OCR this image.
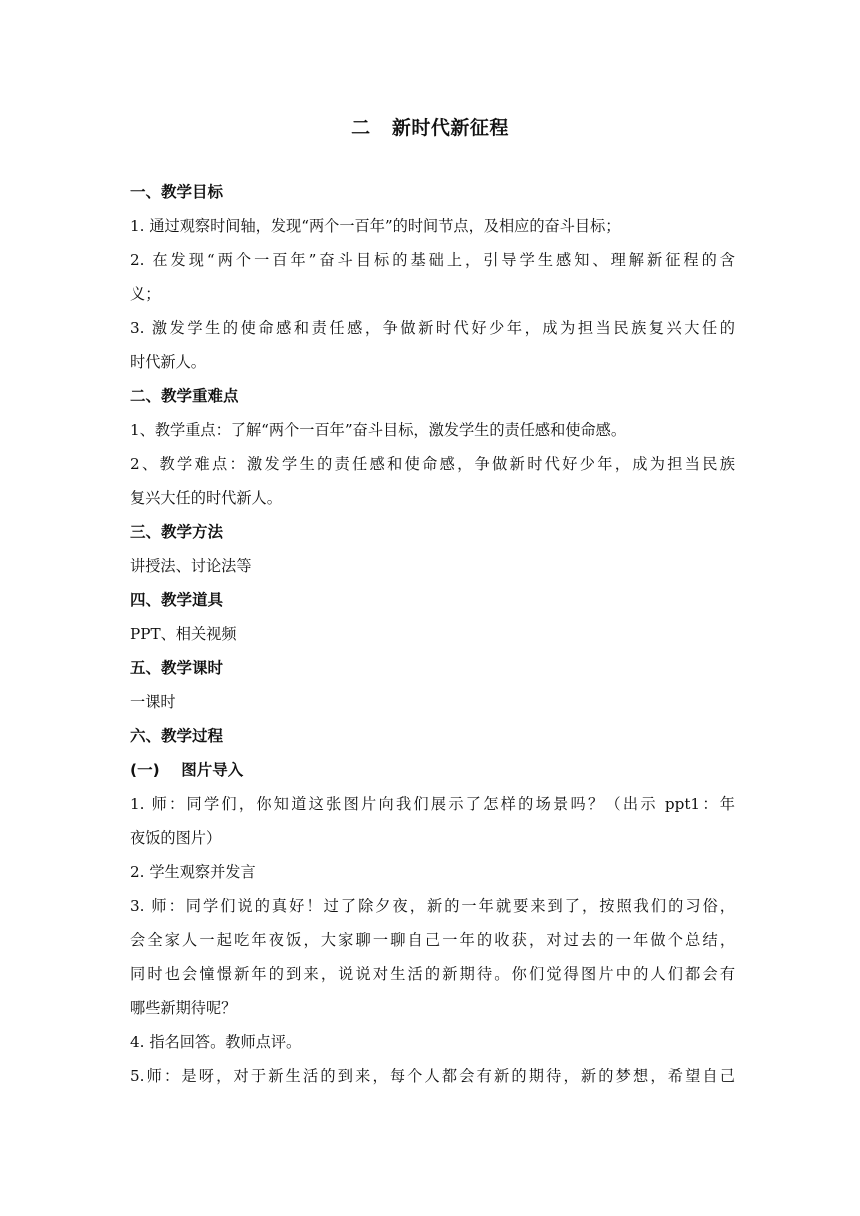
二   新时代新征程
一、教学目标
1. 通过观察时间轴，发现“两个一百年”的时间节点，及相应的奋斗目标；
2. 在发现“两个一百年”奋斗目标的基础上，引导学生感知、理解新征程的含
义；
3. 激发学生的使命感和责任感，争做新时代好少年，成为担当民族复兴大任的
时代新人。
二、教学重难点
1、教学重点：了解“两个一百年”奋斗目标，激发学生的责任感和使命感。
2、教学难点：激发学生的责任感和使命感，争做新时代好少年，成为担当民族
复兴大任的时代新人。
三、教学方法
讲授法、讨论法等
四、教学道具
PPT、相关视频
五、教学课时
一课时
六、教学过程
(一)    图片导入
1. 师：同学们，你知道这张图片向我们展示了怎样的场景吗？（出示 ppt1：年
夜饭的图片）
2. 学生观察并发言
3. 师：同学们说的真好！过了除夕夜，新的一年就要来到了，按照我们的习俗，
会全家人一起吃年夜饭，大家聊一聊自己一年的收获，对过去的一年做个总结，
同时也会憧憬新年的到来，说说对生活的新期待。你们觉得图片中的人们都会有
哪些新期待呢？
4. 指名回答。教师点评。
5.师：是呀，对于新生活的到来，每个人都会有新的期待，新的梦想，希望自己
